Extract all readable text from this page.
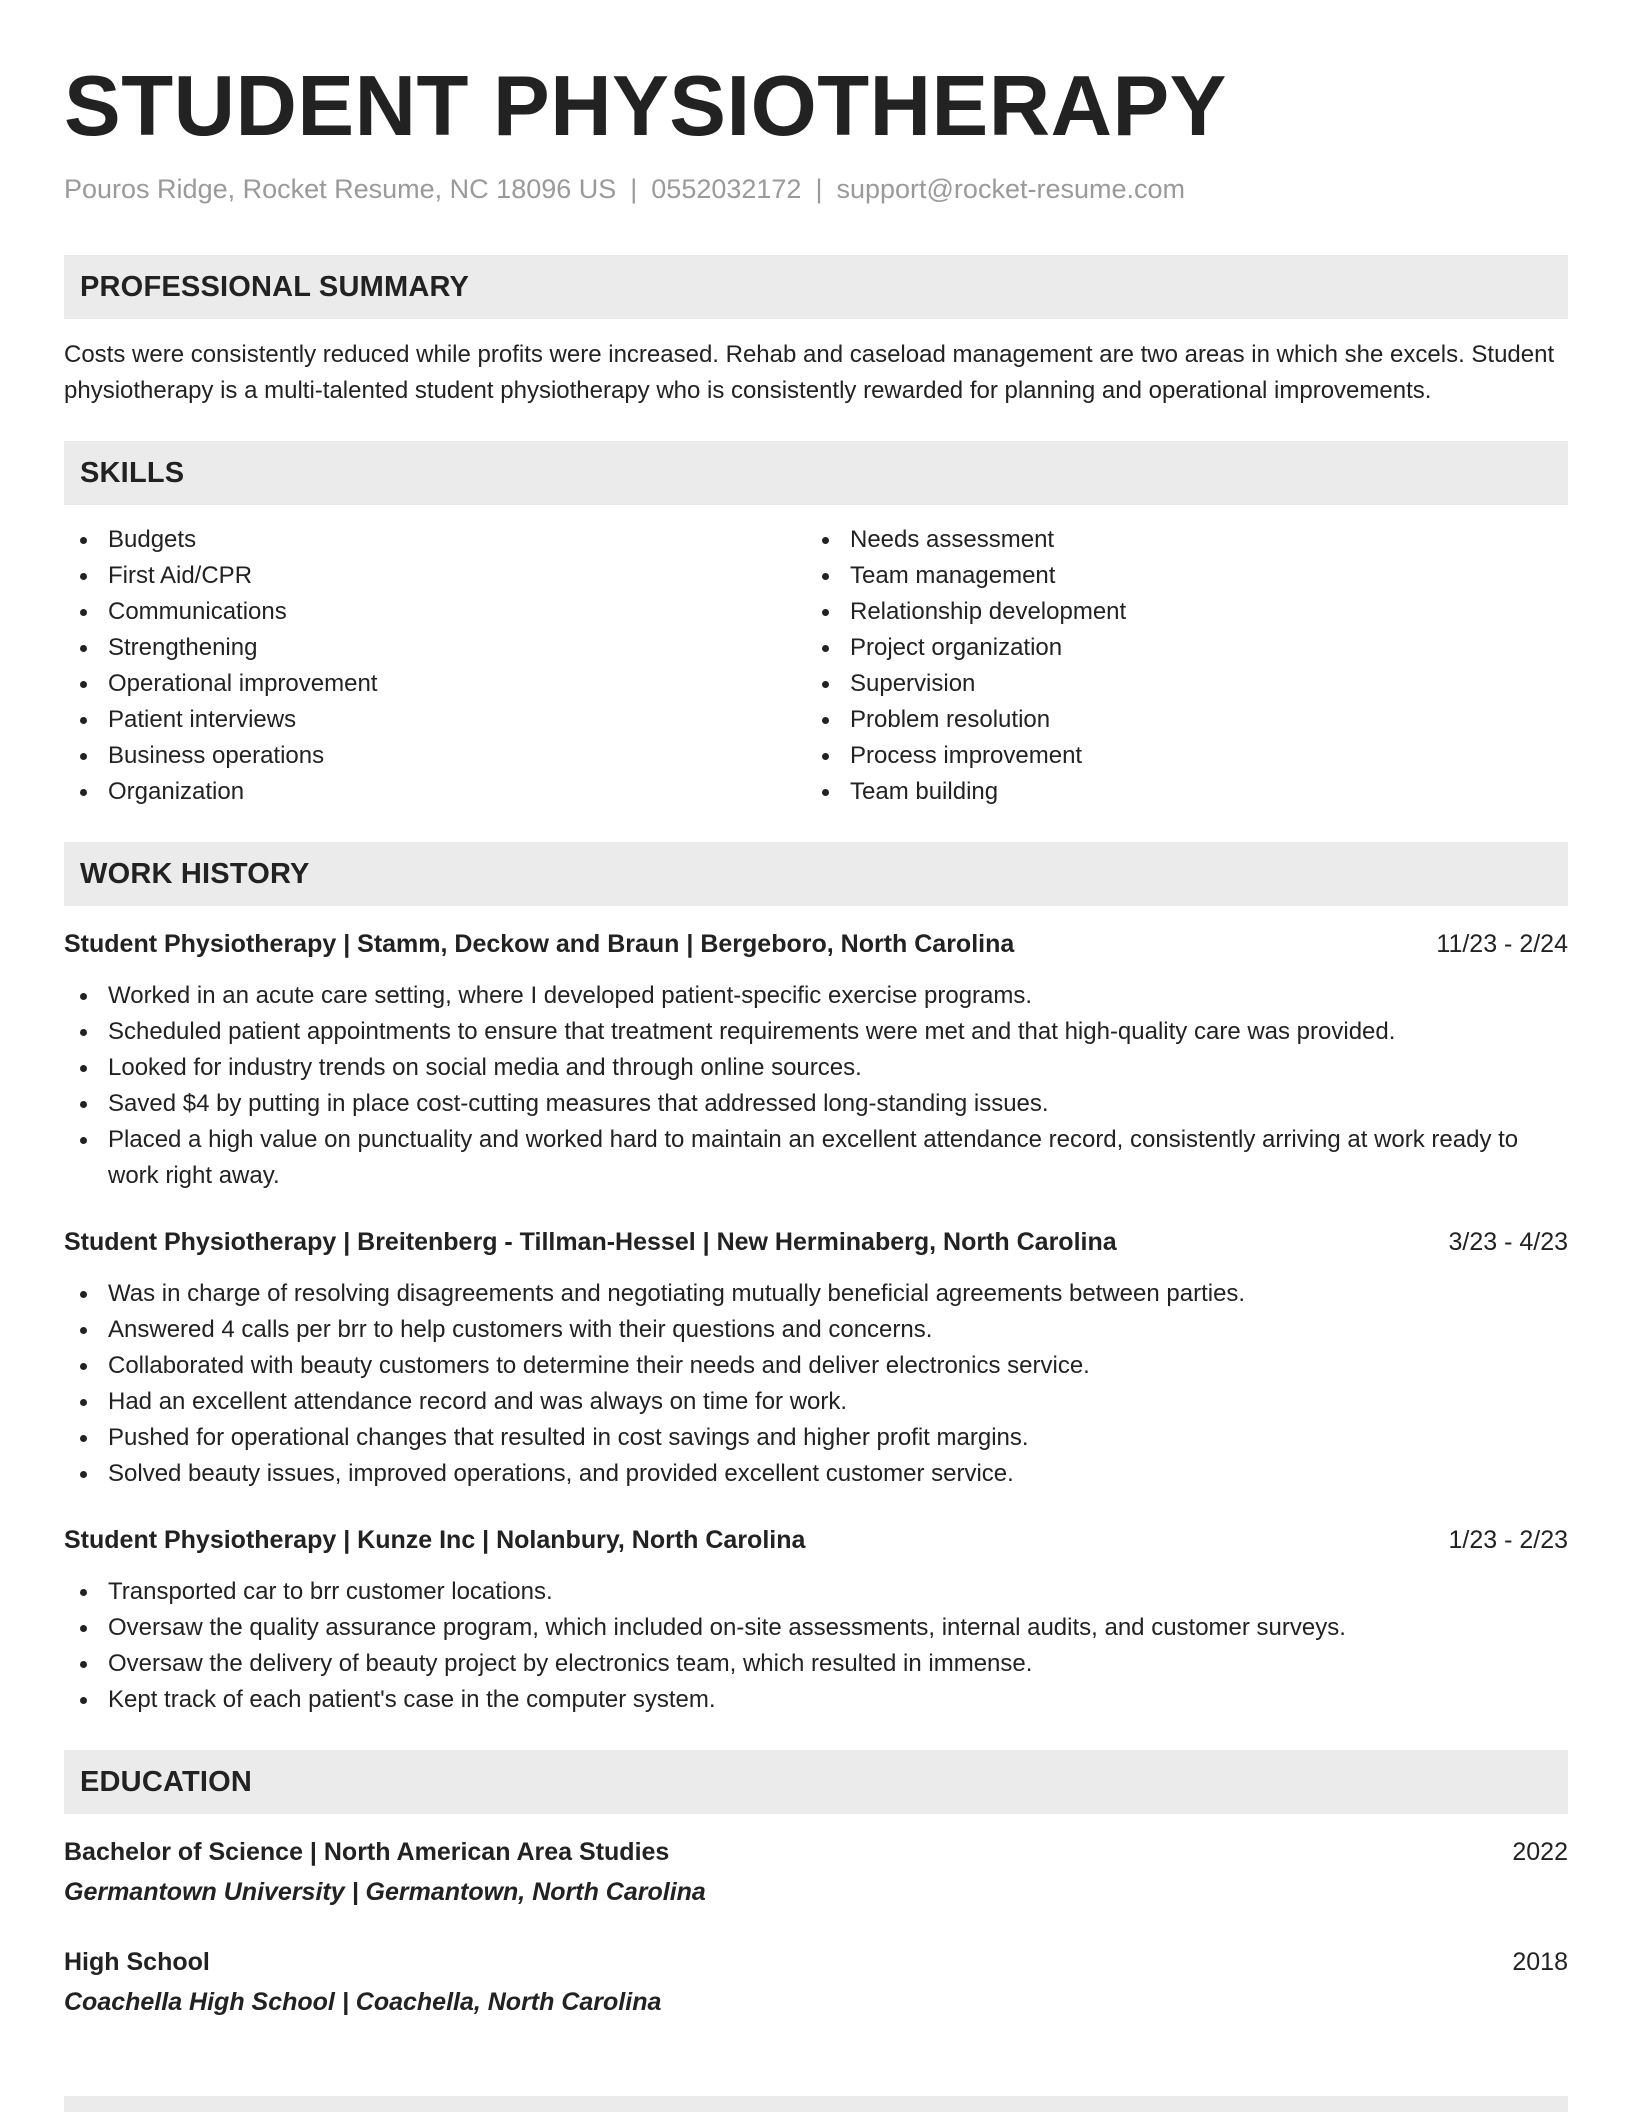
STUDENT PHYSIOTHERAPY
Pouros Ridge, Rocket Resume, NC 18096 US | 0552032172 | support@rocket-resume.com
PROFESSIONAL SUMMARY
Costs were consistently reduced while profits were increased. Rehab and caseload management are two areas in which she excels. Student physiotherapy is a multi-talented student physiotherapy who is consistently rewarded for planning and operational improvements.
SKILLS
Budgets
First Aid/CPR
Communications
Strengthening
Operational improvement
Patient interviews
Business operations
Organization
Needs assessment
Team management
Relationship development
Project organization
Supervision
Problem resolution
Process improvement
Team building
WORK HISTORY
Student Physiotherapy | Stamm, Deckow and Braun | Bergeboro, North Carolina	11/23 - 2/24
Worked in an acute care setting, where I developed patient-specific exercise programs.
Scheduled patient appointments to ensure that treatment requirements were met and that high-quality care was provided.
Looked for industry trends on social media and through online sources.
Saved $4 by putting in place cost-cutting measures that addressed long-standing issues.
Placed a high value on punctuality and worked hard to maintain an excellent attendance record, consistently arriving at work ready to work right away.
Student Physiotherapy | Breitenberg - Tillman-Hessel | New Herminaberg, North Carolina	3/23 - 4/23
Was in charge of resolving disagreements and negotiating mutually beneficial agreements between parties.
Answered 4 calls per brr to help customers with their questions and concerns.
Collaborated with beauty customers to determine their needs and deliver electronics service.
Had an excellent attendance record and was always on time for work.
Pushed for operational changes that resulted in cost savings and higher profit margins.
Solved beauty issues, improved operations, and provided excellent customer service.
Student Physiotherapy | Kunze Inc | Nolanbury, North Carolina	1/23 - 2/23
Transported car to brr customer locations.
Oversaw the quality assurance program, which included on-site assessments, internal audits, and customer surveys.
Oversaw the delivery of beauty project by electronics team, which resulted in immense.
Kept track of each patient's case in the computer system.
EDUCATION
Bachelor of Science | North American Area Studies	2022
Germantown University | Germantown, North Carolina
High School	2018
Coachella High School | Coachella, North Carolina
